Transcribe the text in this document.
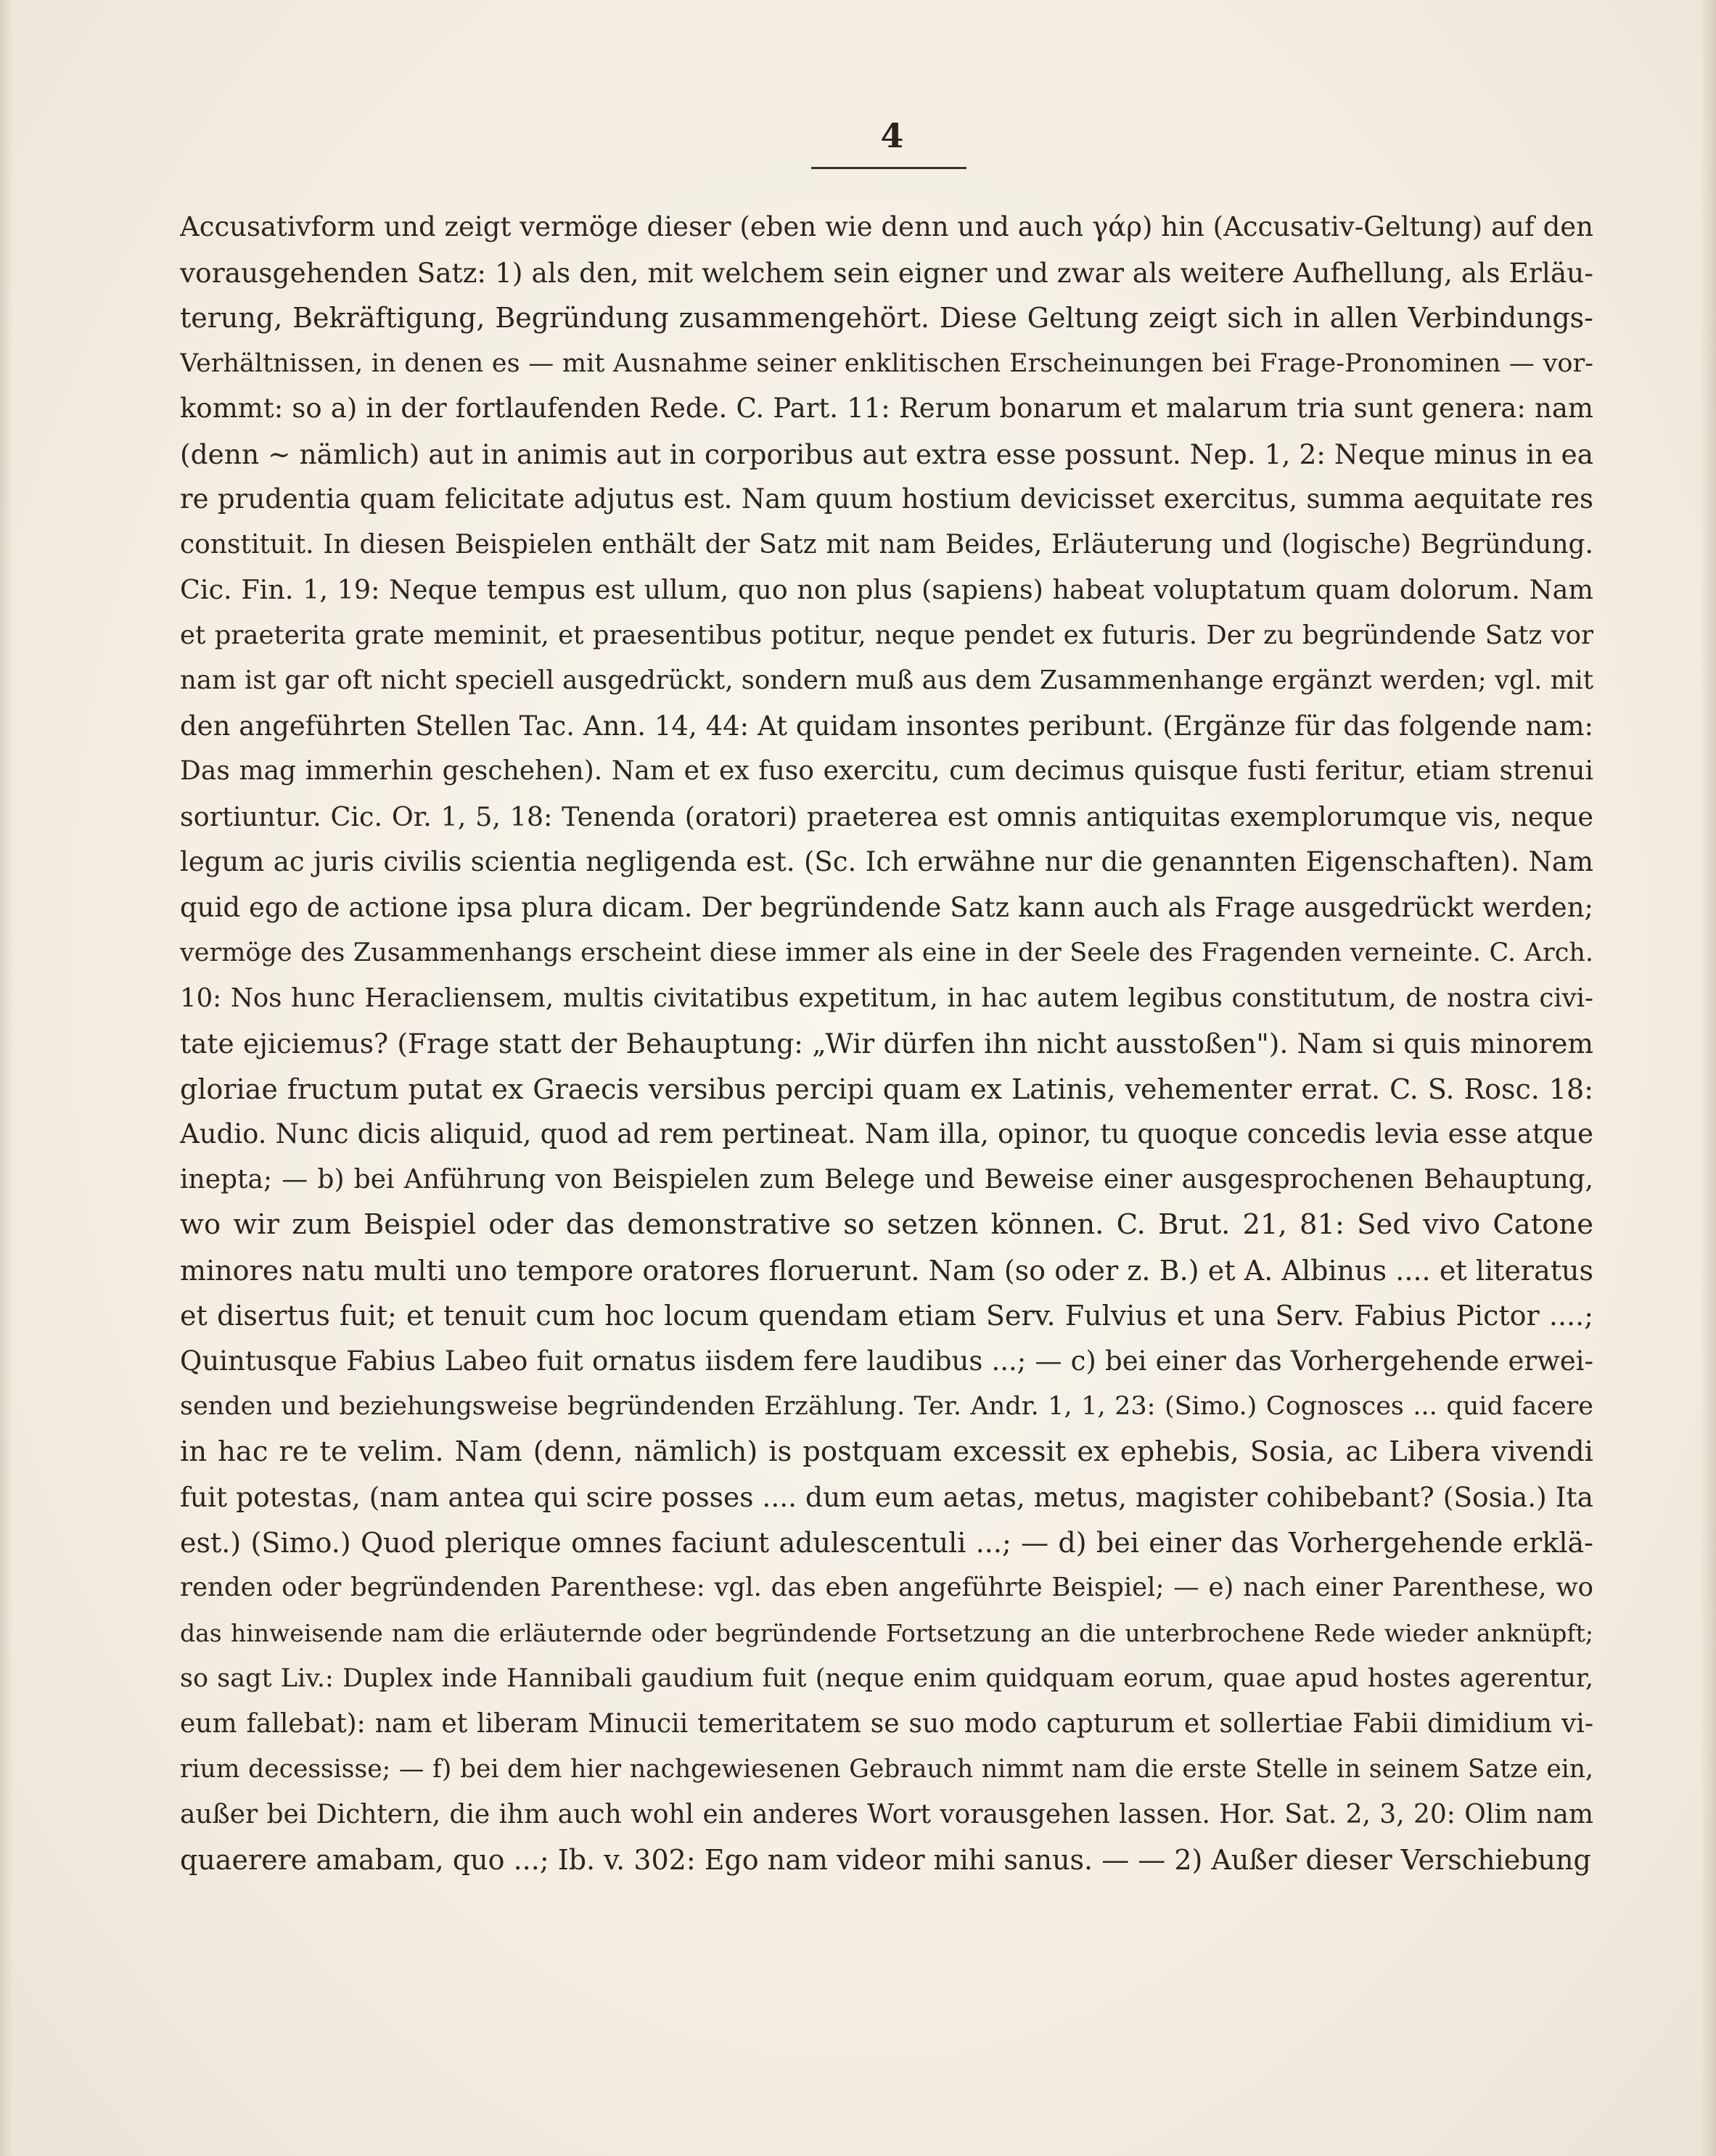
4
Accusativform und zeigt vermöge dieser (eben wie denn und auch γάρ) hin (Accusativ-Geltung) auf den
vorausgehenden Satz: 1) als den, mit welchem sein eigner und zwar als weitere Aufhellung, als Erläu-
terung, Bekräftigung, Begründung zusammengehört. Diese Geltung zeigt sich in allen Verbindungs-
Verhältnissen, in denen es — mit Ausnahme seiner enklitischen Erscheinungen bei Frage-Pronominen — vor-
kommt: so a) in der fortlaufenden Rede. C. Part. 11: Rerum bonarum et malarum tria sunt genera: nam
(denn ~ nämlich) aut in animis aut in corporibus aut extra esse possunt. Nep. 1, 2: Neque minus in ea
re prudentia quam felicitate adjutus est. Nam quum hostium devicisset exercitus, summa aequitate res
constituit. In diesen Beispielen enthält der Satz mit nam Beides, Erläuterung und (logische) Begründung.
Cic. Fin. 1, 19: Neque tempus est ullum, quo non plus (sapiens) habeat voluptatum quam dolorum. Nam
et praeterita grate meminit, et praesentibus potitur, neque pendet ex futuris. Der zu begründende Satz vor
nam ist gar oft nicht speciell ausgedrückt, sondern muß aus dem Zusammenhange ergänzt werden; vgl. mit
den angeführten Stellen Tac. Ann. 14, 44: At quidam insontes peribunt. (Ergänze für das folgende nam:
Das mag immerhin geschehen). Nam et ex fuso exercitu, cum decimus quisque fusti feritur, etiam strenui
sortiuntur. Cic. Or. 1, 5, 18: Tenenda (oratori) praeterea est omnis antiquitas exemplorumque vis, neque
legum ac juris civilis scientia negligenda est. (Sc. Ich erwähne nur die genannten Eigenschaften). Nam
quid ego de actione ipsa plura dicam. Der begründende Satz kann auch als Frage ausgedrückt werden;
vermöge des Zusammenhangs erscheint diese immer als eine in der Seele des Fragenden verneinte. C. Arch.
10: Nos hunc Heracliensem, multis civitatibus expetitum, in hac autem legibus constitutum, de nostra civi-
tate ejiciemus? (Frage statt der Behauptung: „Wir dürfen ihn nicht ausstoßen"). Nam si quis minorem
gloriae fructum putat ex Graecis versibus percipi quam ex Latinis, vehementer errat. C. S. Rosc. 18:
Audio. Nunc dicis aliquid, quod ad rem pertineat. Nam illa, opinor, tu quoque concedis levia esse atque
inepta; — b) bei Anführung von Beispielen zum Belege und Beweise einer ausgesprochenen Behauptung,
wo wir zum Beispiel oder das demonstrative so setzen können. C. Brut. 21, 81: Sed vivo Catone
minores natu multi uno tempore oratores floruerunt. Nam (so oder z. B.) et A. Albinus .... et literatus
et disertus fuit; et tenuit cum hoc locum quendam etiam Serv. Fulvius et una Serv. Fabius Pictor ....;
Quintusque Fabius Labeo fuit ornatus iisdem fere laudibus ...; — c) bei einer das Vorhergehende erwei-
senden und beziehungsweise begründenden Erzählung. Ter. Andr. 1, 1, 23: (Simo.) Cognosces ... quid facere
in hac re te velim. Nam (denn, nämlich) is postquam excessit ex ephebis, Sosia, ac Libera vivendi
fuit potestas, (nam antea qui scire posses .... dum eum aetas, metus, magister cohibebant? (Sosia.) Ita
est.) (Simo.) Quod plerique omnes faciunt adulescentuli ...; — d) bei einer das Vorhergehende erklä-
renden oder begründenden Parenthese: vgl. das eben angeführte Beispiel; — e) nach einer Parenthese, wo
das hinweisende nam die erläuternde oder begründende Fortsetzung an die unterbrochene Rede wieder anknüpft;
so sagt Liv.: Duplex inde Hannibali gaudium fuit (neque enim quidquam eorum, quae apud hostes agerentur,
eum fallebat): nam et liberam Minucii temeritatem se suo modo capturum et sollertiae Fabii dimidium vi-
rium decessisse; — f) bei dem hier nachgewiesenen Gebrauch nimmt nam die erste Stelle in seinem Satze ein,
außer bei Dichtern, die ihm auch wohl ein anderes Wort vorausgehen lassen. Hor. Sat. 2, 3, 20: Olim nam
quaerere amabam, quo ...; Ib. v. 302: Ego nam videor mihi sanus. — — 2) Außer dieser Verschiebung
